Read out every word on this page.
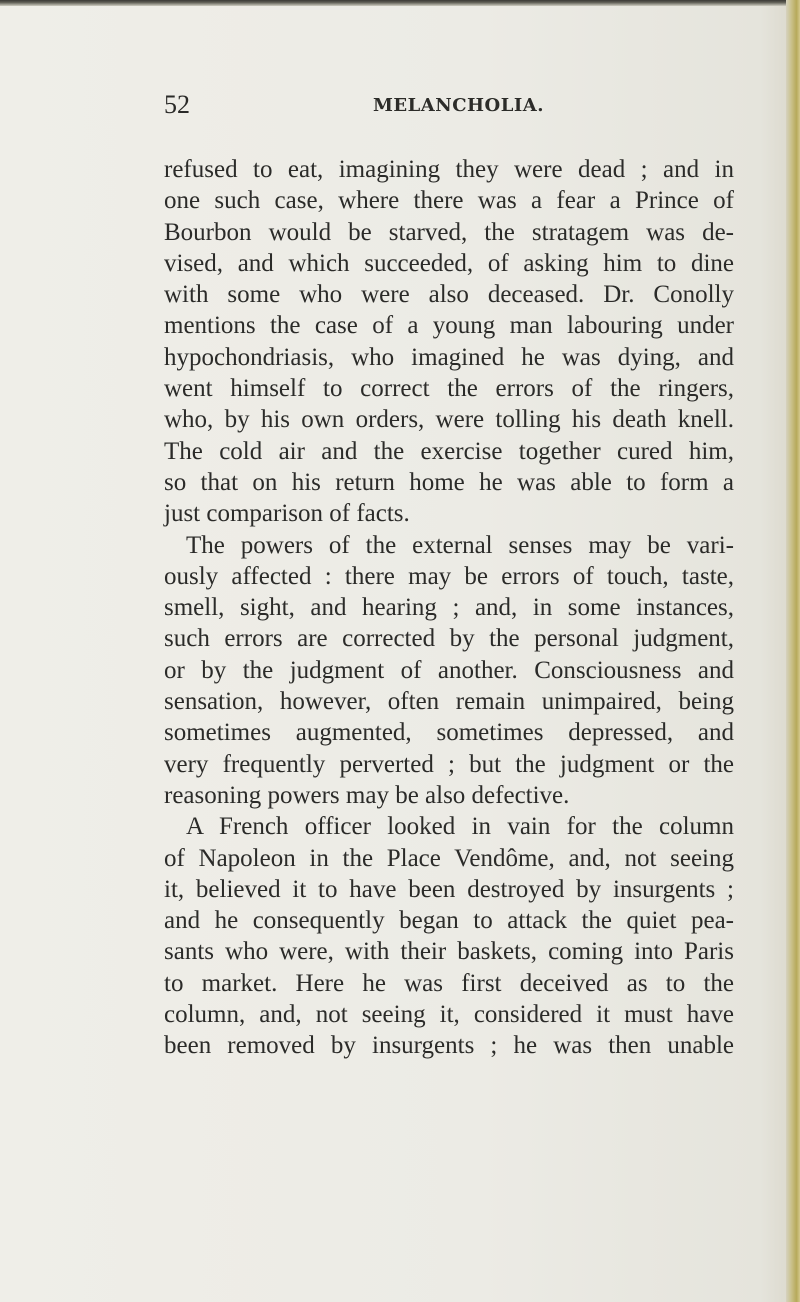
52	MELANCHOLIA.
refused to eat, imagining they were dead ; and in
one such case, where there was a fear a Prince of
Bourbon would be starved, the stratagem was de-
vised, and which succeeded, of asking him to dine
with some who were also deceased. Dr. Conolly
mentions the case of a young man labouring under
hypochondriasis, who imagined he was dying, and
went himself to correct the errors of the ringers,
who, by his own orders, were tolling his death knell.
The cold air and the exercise together cured him,
so that on his return home he was able to form a
just comparison of facts.
The powers of the external senses may be vari-
ously affected : there may be errors of touch, taste,
smell, sight, and hearing ; and, in some instances,
such errors are corrected by the personal judgment,
or by the judgment of another. Consciousness and
sensation, however, often remain unimpaired, being
sometimes augmented, sometimes depressed, and
very frequently perverted ; but the judgment or the
reasoning powers may be also defective.
A French officer looked in vain for the column
of Napoleon in the Place Vendôme, and, not seeing
it, believed it to have been destroyed by insurgents ;
and he consequently began to attack the quiet pea-
sants who were, with their baskets, coming into Paris
to market. Here he was first deceived as to the
column, and, not seeing it, considered it must have
been removed by insurgents ; he was then unable
